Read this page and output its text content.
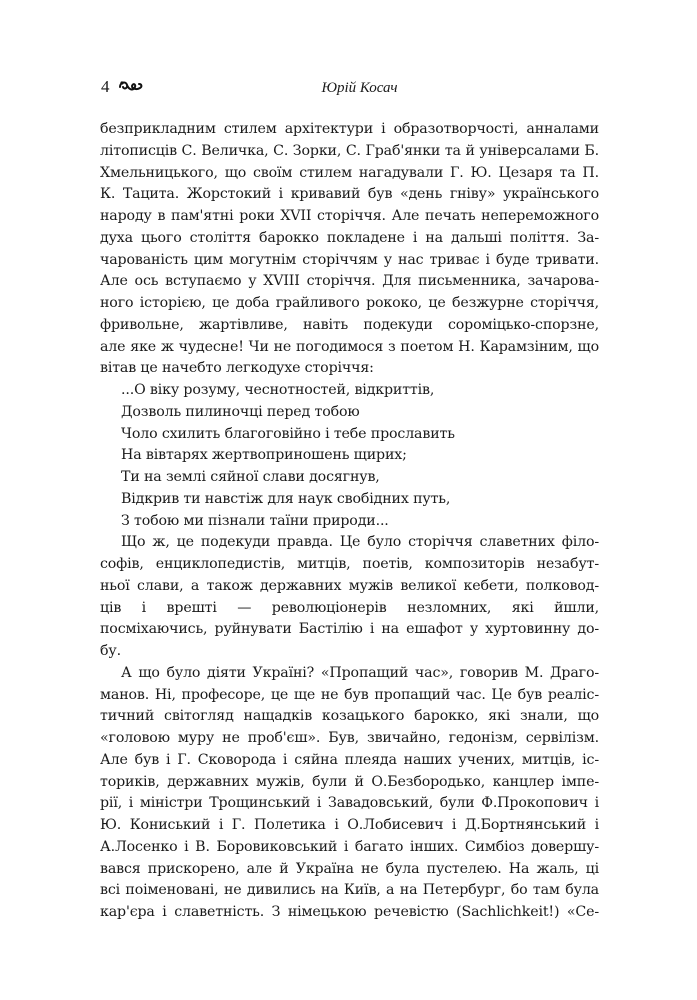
4	Юрій Косач
безприкладним стилем архітектури і образотворчості, анналами
літописців С. Величка, С. Зорки, С. Граб'янки та й універсалами Б.
Хмельницького, що своїм стилем нагадували Г. Ю. Цезаря та П.
К. Тацита. Жорстокий і кривавий був «день гніву» українського
народу в пам'ятні роки XVII сторіччя. Але печать непереможного
духа цього століття барокко покладене і на дальші поліття. За-
чарованість цим могутнім сторіччям у нас триває і буде тривати.
Але ось вступаємо у XVIII сторіччя. Для письменника, зачарова-
ного історією, це доба грайливого рококо, це безжурне сторіччя,
фривольне, жартівливе, навіть подекуди сороміцько-спорзне,
але яке ж чудесне! Чи не погодимося з поетом Н. Карамзіним, що
вітав це начебто легкодухе сторіччя:
...О віку розуму, чеснотностей, відкриттів,
Дозволь пилиночці перед тобою
Чоло схилить благоговійно і тебе прославить
На вівтарях жертвоприношень щирих;
Ти на землі сяйної слави досягнув,
Відкрив ти навстіж для наук свобідних путь,
З тобою ми пізнали таїни природи...
Що ж, це подекуди правда. Це було сторіччя славетних філо-
софів, енциклопедистів, митців, поетів, композиторів незабут-
ньої слави, а також державних мужів великої кебети, полковод-
ців і врешті — революціонерів незломних, які йшли,
посміхаючись, руйнувати Бастілію і на ешафот у хуртовинну до-
бу.
А що було діяти Україні? «Пропащий час», говорив М. Драго-
манов. Ні, професоре, це ще не був пропащий час. Це був реаліс-
тичний світогляд нащадків козацького барокко, які знали, що
«головою муру не проб'єш». Був, звичайно, гедонізм, сервілізм.
Але був і Г. Сковорода і сяйна плеяда наших учених, митців, іс-
ториків, державних мужів, були й О.Безбородько, канцлер імпе-
рії, і міністри Трощинський і Завадовський, були Ф.Прокопович і
Ю. Кониський і Г. Полетика і О.Лобисевич і Д.Бортнянський і
А.Лосенко і В. Боровиковський і багато інших. Симбіоз довершу-
вався прискорено, але й Україна не була пустелею. На жаль, ці
всі поіменовані, не дивились на Київ, а на Петербург, бо там була
кар'єра і славетність. З німецькою речевістю (Sachlichkeit!) «Се-
